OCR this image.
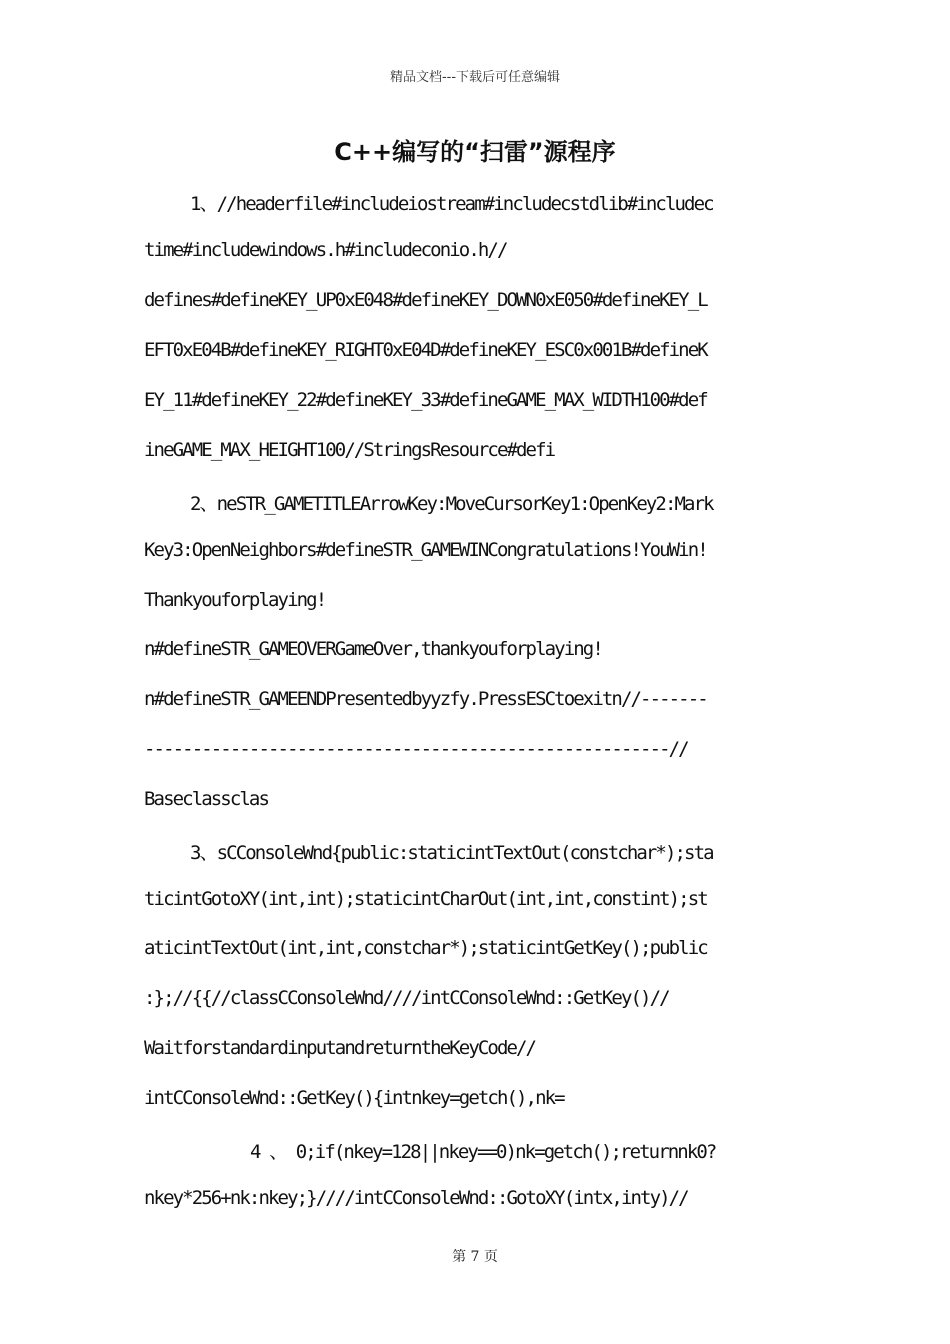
精品文档---下载后可任意编辑
C++编写的“扫雷”源程序
1、//headerfile#includeiostream#includecstdlib#includec
time#includewindows.h#includeconio.h//
defines#defineKEY_UP0xE048#defineKEY_DOWN0xE050#defineKEY_L
EFT0xE04B#defineKEY_RIGHT0xE04D#defineKEY_ESC0x001B#defineK
EY_11#defineKEY_22#defineKEY_33#defineGAME_MAX_WIDTH100#def
ineGAME_MAX_HEIGHT100//StringsResource#defi
2、neSTR_GAMETITLEArrowKey:MoveCursorKey1:OpenKey2:Mark
Key3:OpenNeighbors#defineSTR_GAMEWINCongratulations!YouWin!
Thankyouforplaying!
n#defineSTR_GAMEOVERGameOver,thankyouforplaying!
n#defineSTR_GAMEENDPresentedbyyzfy.PressESCtoexitn//-------
-------------------------------------------------------//
Baseclassclas
3、sCConsoleWnd{public:staticintTextOut(constchar*);sta
ticintGotoXY(int,int);staticintCharOut(int,int,constint);st
aticintTextOut(int,int,constchar*);staticintGetKey();public
:};//{{//classCConsoleWnd////intCConsoleWnd::GetKey()//
WaitforstandardinputandreturntheKeyCode//
intCConsoleWnd::GetKey(){intnkey=getch(),nk=
4 、 0;if(nkey=128||nkey==0)nk=getch();returnnk0?
nkey*256+nk:nkey;}////intCConsoleWnd::GotoXY(intx,inty)//
第 7 页
